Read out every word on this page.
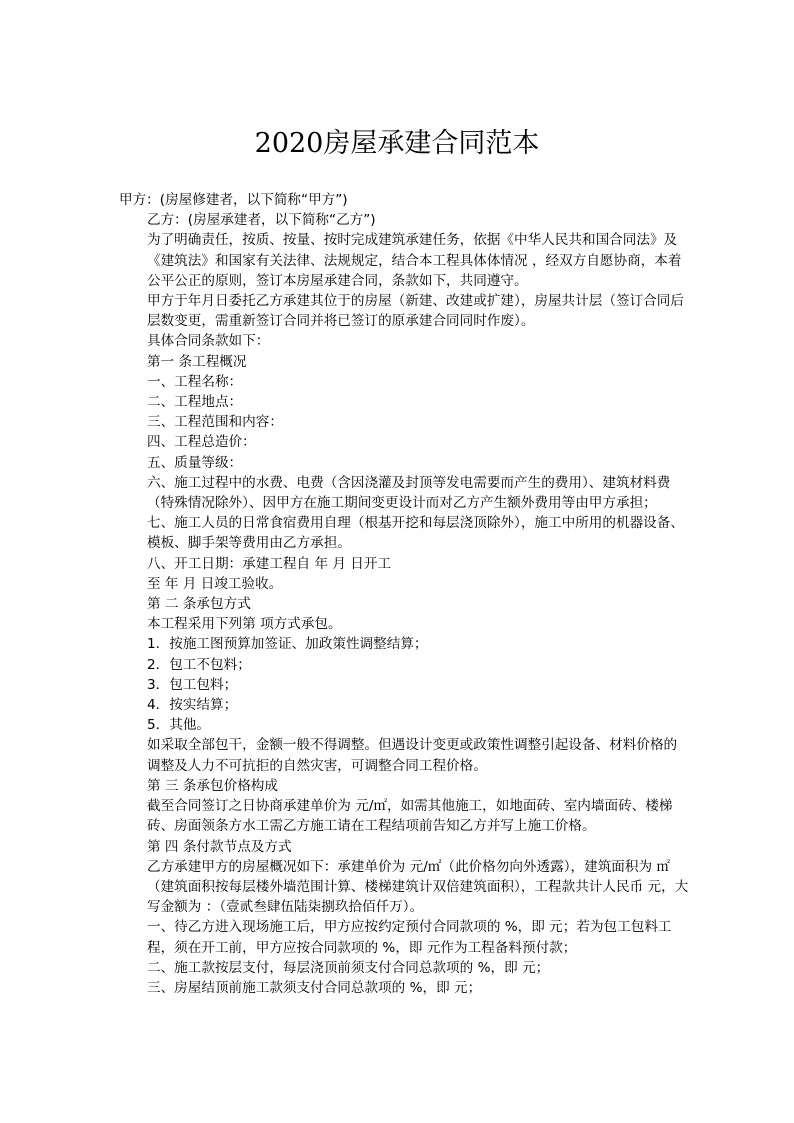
2020房屋承建合同范本
甲方：(房屋修建者，以下简称“甲方”)
乙方：(房屋承建者，以下简称“乙方”)
为了明确责任，按质、按量、按时完成建筑承建任务，依据《中华人民共和国合同法》及《建筑法》和国家有关法律、法规规定，结合本工程具体体情况 ，经双方自愿协商，本着公平公正的原则，签订本房屋承建合同，条款如下，共同遵守。
甲方于年月日委托乙方承建其位于的房屋（新建、改建或扩建），房屋共计层（签订合同后层数变更，需重新签订合同并将已签订的原承建合同同时作废）。
具体合同条款如下：
第一 条工程概况
一、工程名称：
二、工程地点：
三、工程范围和内容：
四、工程总造价：
五、质量等级：
六、施工过程中的水费、电费（含因浇灌及封顶等发电需要而产生的费用）、建筑材料费（特殊情况除外）、因甲方在施工期间变更设计而对乙方产生额外费用等由甲方承担；
七、施工人员的日常食宿费用自理（根基开挖和每层浇顶除外），施工中所用的机器设备、模板、脚手架等费用由乙方承担。
八、开工日期：承建工程自 年 月 日开工
至 年 月 日竣工验收。
第 二 条承包方式
本工程采用下列第 项方式承包。
1．按施工图预算加签证、加政策性调整结算；
2．包工不包料；
3．包工包料；
4．按实结算；
5．其他。
如采取全部包干，金额一般不得调整。但遇设计变更或政策性调整引起设备、材料价格的调整及人力不可抗拒的自然灾害，可调整合同工程价格。
第 三 条承包价格构成
截至合同签订之日协商承建单价为 元/㎡，如需其他施工，如地面砖、室内墙面砖、楼梯砖、房面领条方水工需乙方施工请在工程结项前告知乙方并写上施工价格。
第 四 条付款节点及方式
乙方承建甲方的房屋概况如下：承建单价为 元/㎡（此价格勿向外透露），建筑面积为 ㎡（建筑面积按每层楼外墙范围计算、楼梯建筑计双倍建筑面积），工程款共计人民币 元，大写金额为 ：（壹贰叁肆伍陆柒捌玖拾佰仟万）。
一、待乙方进入现场施工后，甲方应按约定预付合同款项的 %，即 元；若为包工包料工程，须在开工前，甲方应按合同款项的 %，即 元作为工程备料预付款；
二、施工款按层支付，每层浇顶前须支付合同总款项的 %，即 元；
三、房屋结顶前施工款须支付合同总款项的 %，即 元；
